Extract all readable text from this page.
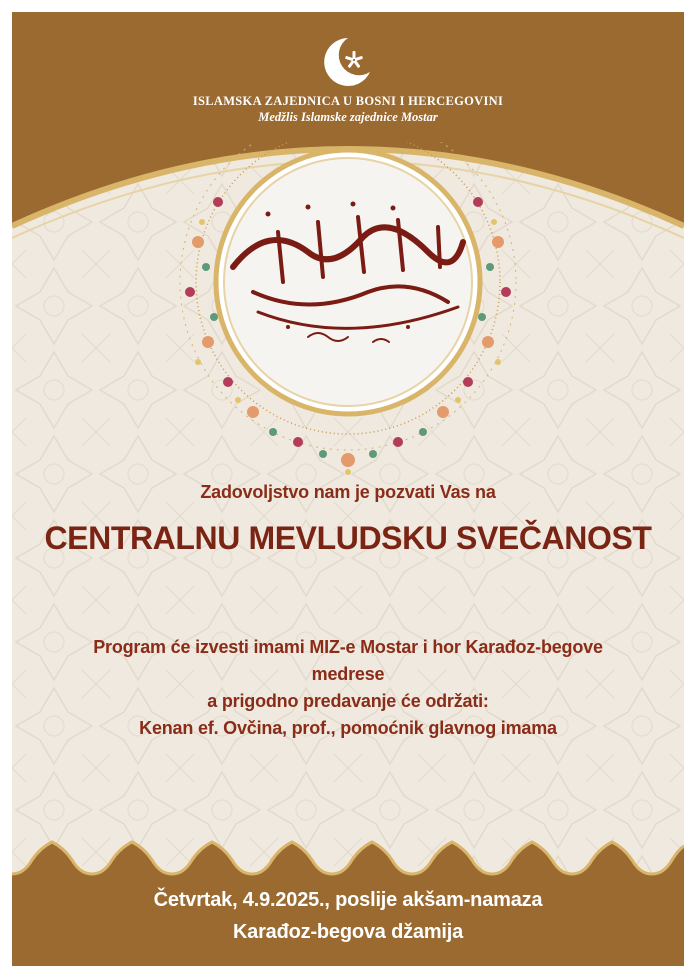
ISLAMSKA ZAJEDNICA U BOSNI I HERCEGOVINI
Medžlis Islamske zajednice Mostar
Zadovoljstvo nam je pozvati Vas na
CENTRALNU MEVLUDSKU SVEČANOST
Program će izvesti imami MIZ-e Mostar i hor Karađoz-begove
medrese
a prigodno predavanje će održati:
Kenan ef. Ovčina, prof., pomoćnik glavnog imama
Četvrtak, 4.9.2025., poslije akšam-namaza
Karađoz-begova džamija
